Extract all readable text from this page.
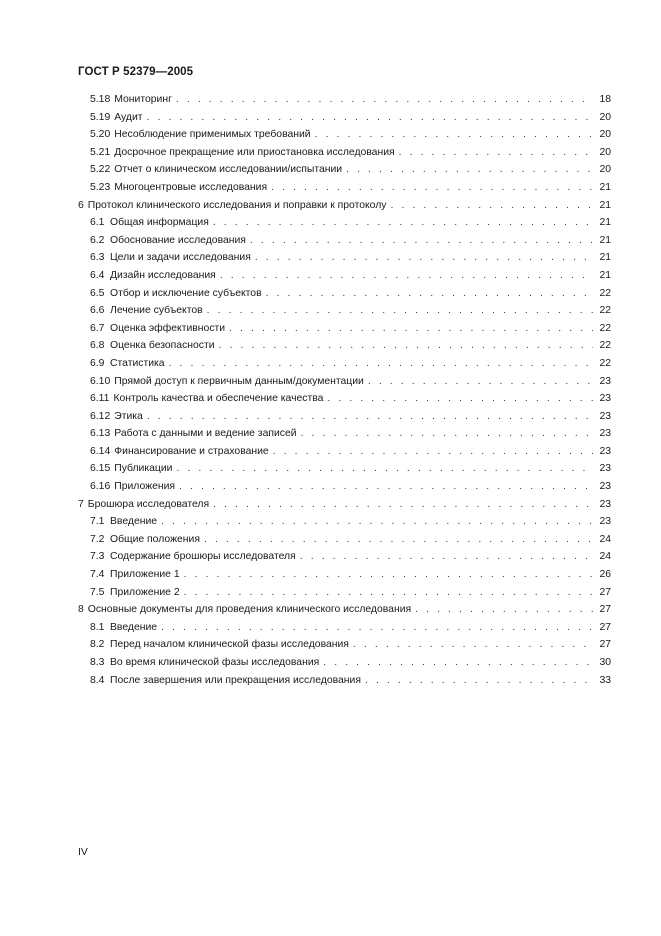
ГОСТ Р 52379—2005
5.18 Мониторинг . . .	18
5.19 Аудит . . .	20
5.20 Несоблюдение применимых требований . . .	20
5.21 Досрочное прекращение или приостановка исследования . . .	20
5.22 Отчет о клиническом исследовании/испытании . . .	20
5.23 Многоцентровые исследования . . .	21
6 Протокол клинического исследования и поправки к протоколу . . .	21
6.1 Общая информация . . .	21
6.2 Обоснование исследования . . .	21
6.3 Цели и задачи исследования . . .	21
6.4 Дизайн исследования . . .	21
6.5 Отбор и исключение субъектов . . .	22
6.6 Лечение субъектов . . .	22
6.7 Оценка эффективности . . .	22
6.8 Оценка безопасности . . .	22
6.9 Статистика . . .	22
6.10 Прямой доступ к первичным данным/документации . . .	23
6.11 Контроль качества и обеспечение качества . . .	23
6.12 Этика . . .	23
6.13 Работа с данными и ведение записей . . .	23
6.14 Финансирование и страхование . . .	23
6.15 Публикации . . .	23
6.16 Приложения . . .	23
7 Брошюра исследователя . . .	23
7.1 Введение . . .	23
7.2 Общие положения . . .	24
7.3 Содержание брошюры исследователя . . .	24
7.4 Приложение 1 . . .	26
7.5 Приложение 2 . . .	27
8 Основные документы для проведения клинического исследования . . .	27
8.1 Введение . . .	27
8.2 Перед началом клинической фазы исследования . . .	27
8.3 Во время клинической фазы исследования . . .	30
8.4 После завершения или прекращения исследования . . .	33
IV
